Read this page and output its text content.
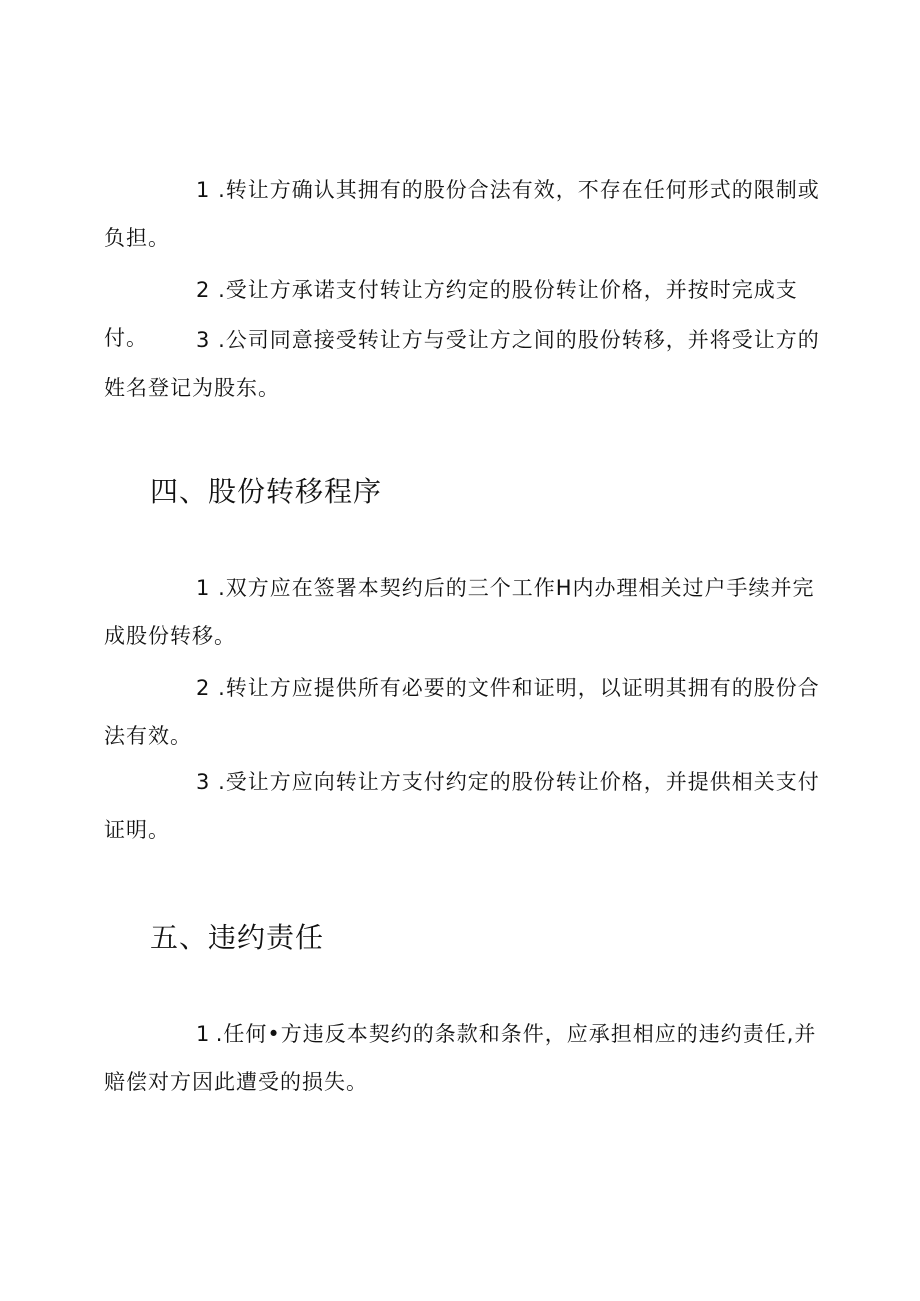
1 .转让方确认其拥有的股份合法有效，不存在任何形式的限制或负担。

2 .受让方承诺支付转让方约定的股份转让价格，并按时完成支付。	3 .公司同意接受转让方与受让方之间的股份转移，并将受让方的姓名登记为股东。

四、股份转移程序

1 .双方应在签署本契约后的三个工作H内办理相关过户手续并完成股份转移。

2 .转让方应提供所有必要的文件和证明，以证明其拥有的股份合法有效。

3 .受让方应向转让方支付约定的股份转让价格，并提供相关支付证明。

五、违约责任

1 .任何•方违反本契约的条款和条件，应承担相应的违约责任,并赔偿对方因此遭受的损失。
